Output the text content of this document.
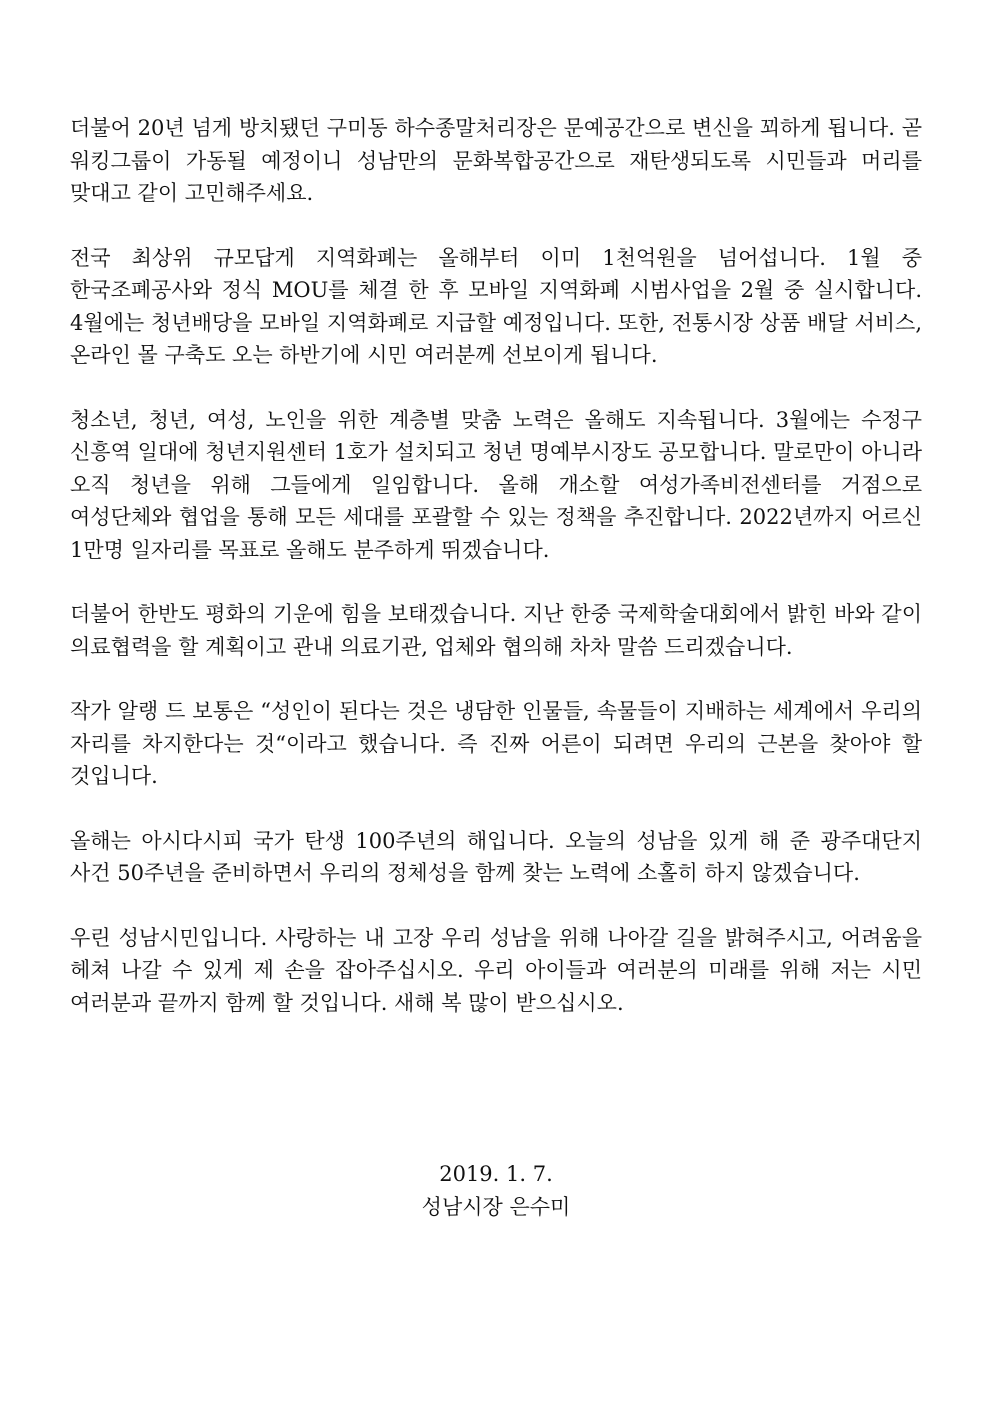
더불어 20년 넘게 방치됐던 구미동 하수종말처리장은 문예공간으로 변신을 꾀하게 됩니다. 곧 워킹그룹이 가동될 예정이니 성남만의 문화복합공간으로 재탄생되도록 시민들과 머리를 맞대고 같이 고민해주세요.

전국 최상위 규모답게 지역화폐는 올해부터 이미 1천억원을 넘어섭니다. 1월 중 한국조폐공사와 정식 MOU를 체결 한 후 모바일 지역화폐 시범사업을 2월 중 실시합니다. 4월에는 청년배당을 모바일 지역화폐로 지급할 예정입니다. 또한, 전통시장 상품 배달 서비스, 온라인 몰 구축도 오는 하반기에 시민 여러분께 선보이게 됩니다.

청소년, 청년, 여성, 노인을 위한 계층별 맞춤 노력은 올해도 지속됩니다. 3월에는 수정구 신흥역 일대에 청년지원센터 1호가 설치되고 청년 명예부시장도 공모합니다. 말로만이 아니라 오직 청년을 위해 그들에게 일임합니다. 올해 개소할 여성가족비전센터를 거점으로 여성단체와 협업을 통해 모든 세대를 포괄할 수 있는 정책을 추진합니다. 2022년까지 어르신 1만명 일자리를 목표로 올해도 분주하게 뛰겠습니다.

더불어 한반도 평화의 기운에 힘을 보태겠습니다. 지난 한중 국제학술대회에서 밝힌 바와 같이 의료협력을 할 계획이고 관내 의료기관, 업체와 협의해 차차 말씀 드리겠습니다.

작가 알랭 드 보통은 “성인이 된다는 것은 냉담한 인물들, 속물들이 지배하는 세계에서 우리의 자리를 차지한다는 것“이라고 했습니다. 즉 진짜 어른이 되려면 우리의 근본을 찾아야 할 것입니다.

올해는 아시다시피 국가 탄생 100주년의 해입니다. 오늘의 성남을 있게 해 준 광주대단지 사건 50주년을 준비하면서 우리의 정체성을 함께 찾는 노력에 소홀히 하지 않겠습니다.

우린 성남시민입니다. 사랑하는 내 고장 우리 성남을 위해 나아갈 길을 밝혀주시고, 어려움을 헤쳐 나갈 수 있게 제 손을 잡아주십시오. 우리 아이들과 여러분의 미래를 위해 저는 시민 여러분과 끝까지 함께 할 것입니다. 새해 복 많이 받으십시오.

2019. 1. 7.
성남시장 은수미
